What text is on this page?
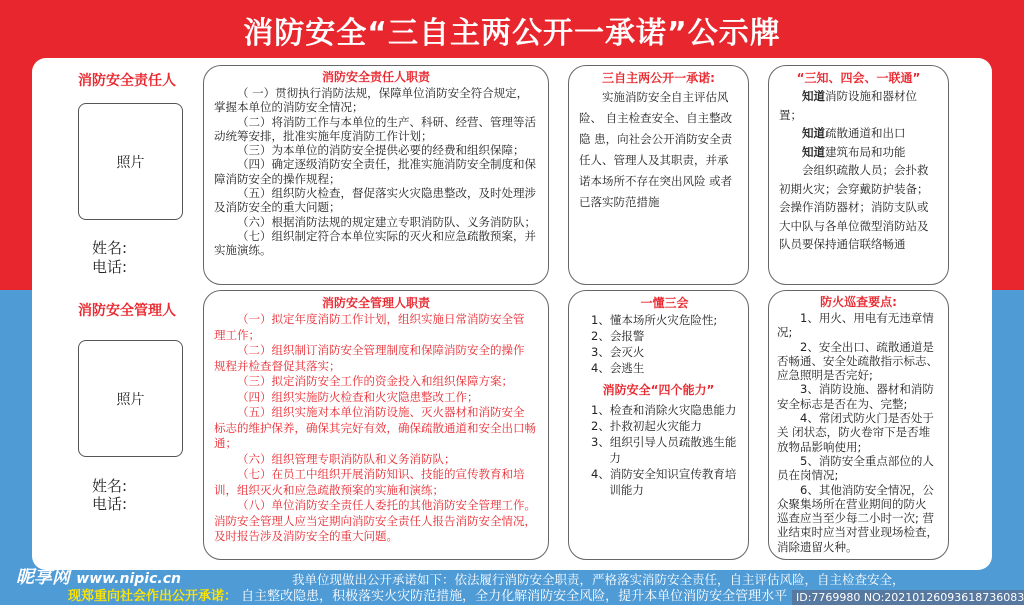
消防安全“三自主两公开一承诺”公示牌
消防安全责任人
照片
姓名:
电话:
消防安全管理人
照片
姓名:
电话:
消防安全责任人职责

（ 一）贯彻执行消防法规，保障单位消防安全符合规定，掌握本单位的消防安全情况；

（二）将消防工作与本单位的生产、科研、经营、管理等活动统筹安排，批准实施年度消防工作计划；

（三）为本单位的消防安全提供必要的经费和组织保障；

（四）确定逐级消防安全责任，批准实施消防安全制度和保障消防安全的操作规程；

（五）组织防火检查，督促落实火灾隐患整改，及时处理涉及消防安全的重大问题；

（六）根据消防法规的规定建立专职消防队、义务消防队；

（七）组织制定符合本单位实际的灭火和应急疏散预案，并实施演练。

消防安全管理人职责

（一）拟定年度消防工作计划，组织实施日常消防安全管 理工作；

（二）组织制订消防安全管理制度和保障消防安全的操作 规程并检查督促其落实；

（三）拟定消防安全工作的资金投入和组织保障方案；

（四）组织实施防火检查和火灾隐患整改工作；

（五）组织实施对本单位消防设施、灭火器材和消防安全 标志的维护保养，确保其完好有效，确保疏散通道和安全出口畅通；

（六）组织管理专职消防队和义务消防队；

（七）在员工中组织开展消防知识、技能的宣传教育和培训，组织灭火和应急疏散预案的实施和演练；

（八）单位消防安全责任人委托的其他消防安全管理工作。消防安全管理人应当定期向消防安全责任人报告消防安全情况，及时报告涉及消防安全的重大问题。

三自主两公开一承诺:

实施消防安全自主评估风险、 自主检查安全、自主整改隐 患，向社会公开消防安全责任人、管理人及其职责，并承诺本场所不存在突出风险 或者已落实防范措施

“三知、四会、一联通”

知道消防设施和器材位置；

知道疏散通道和出口

知道建筑布局和功能

会组织疏散人员；会扑救初期火灾；会穿戴防护装备；会操作消防器材；消防支队或大中队与各单位微型消防站及队员要保持通信联络畅通

一懂三会

1、懂本场所火灾危险性;

2、会报警

3、会灭火

4、会逃生

消防安全“四个能力”

1、检查和消除火灾隐患能力

2、扑救初起火灾能力

3、组织引导人员疏散逃生能力

4、消防安全知识宣传教育培训能力

防火巡查要点:

1、用火、用电有无违章情况;

2、安全出口、疏散通道是否畅通、安全处疏散指示标志、 应急照明是否完好;

3、消防设施、器材和消防安全标志是否在为、完整;

4、常闭式防火门是否处于关 闭状态，防火卷帘下是否堆放物品影响使用;

5、消防安全重点部位的人员在岗情况;

6、其他消防安全情况，公众聚集场所在营业期间的防火 巡查应当至少每二小时一次; 营业结束时应当对营业现场检查，消除遗留火种。

昵享网 www.nipic.cn	我单位现做出公开承诺如下：依法履行消防安全职责，严格落实消防安全责任，自主评估风险，自主检查安全，
现郑重向社会作出公开承诺： 自主整改隐患，积极落实火灾防范措施，全力化解消防安全风险，提升本单位消防安全管理水平 ID:7769980 NO:20210126093618736083
